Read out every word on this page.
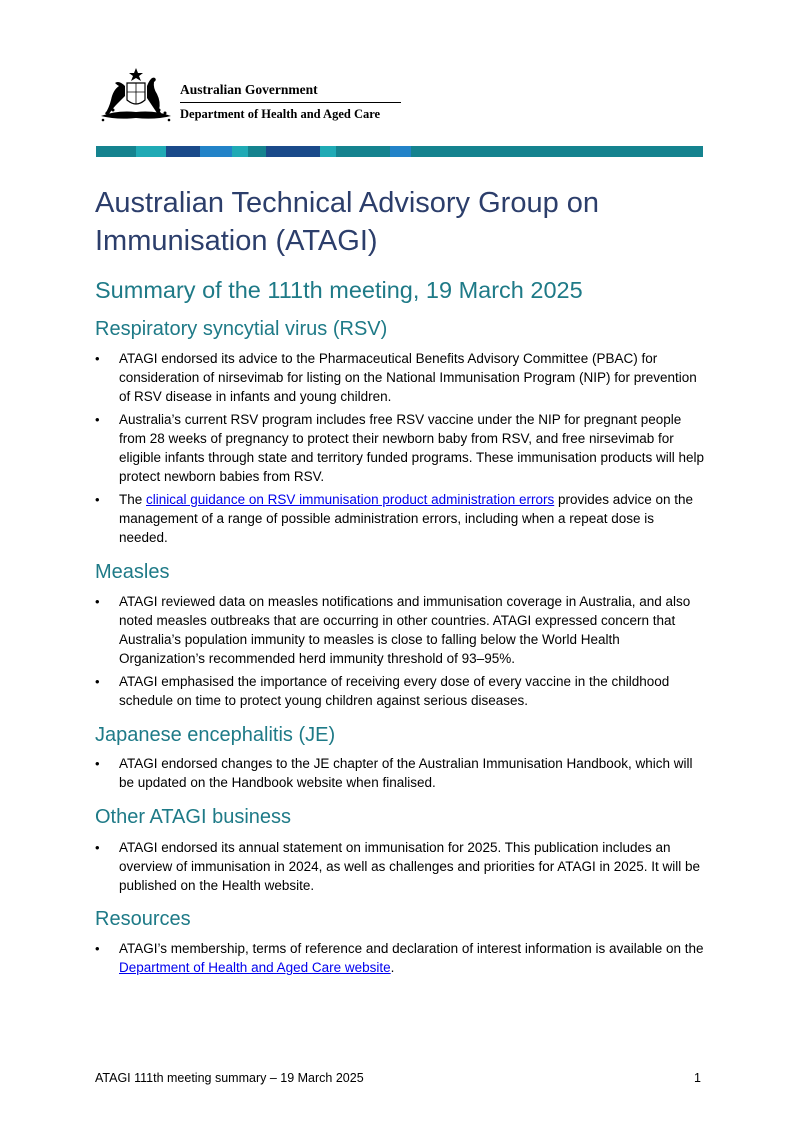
Australian Government
Department of Health and Aged Care
Australian Technical Advisory Group on Immunisation (ATAGI)
Summary of the 111th meeting, 19 March 2025
Respiratory syncytial virus (RSV)
• ATAGI endorsed its advice to the Pharmaceutical Benefits Advisory Committee (PBAC) for consideration of nirsevimab for listing on the National Immunisation Program (NIP) for prevention of RSV disease in infants and young children.
• Australia’s current RSV program includes free RSV vaccine under the NIP for pregnant people from 28 weeks of pregnancy to protect their newborn baby from RSV, and free nirsevimab for eligible infants through state and territory funded programs. These immunisation products will help protect newborn babies from RSV.
• The clinical guidance on RSV immunisation product administration errors provides advice on the management of a range of possible administration errors, including when a repeat dose is needed.
Measles
• ATAGI reviewed data on measles notifications and immunisation coverage in Australia, and also noted measles outbreaks that are occurring in other countries. ATAGI expressed concern that Australia’s population immunity to measles is close to falling below the World Health Organization’s recommended herd immunity threshold of 93–95%.
• ATAGI emphasised the importance of receiving every dose of every vaccine in the childhood schedule on time to protect young children against serious diseases.
Japanese encephalitis (JE)
• ATAGI endorsed changes to the JE chapter of the Australian Immunisation Handbook, which will be updated on the Handbook website when finalised.
Other ATAGI business
• ATAGI endorsed its annual statement on immunisation for 2025. This publication includes an overview of immunisation in 2024, as well as challenges and priorities for ATAGI in 2025. It will be published on the Health website.
Resources
• ATAGI’s membership, terms of reference and declaration of interest information is available on the Department of Health and Aged Care website.
ATAGI 111th meeting summary – 19 March 2025	1
